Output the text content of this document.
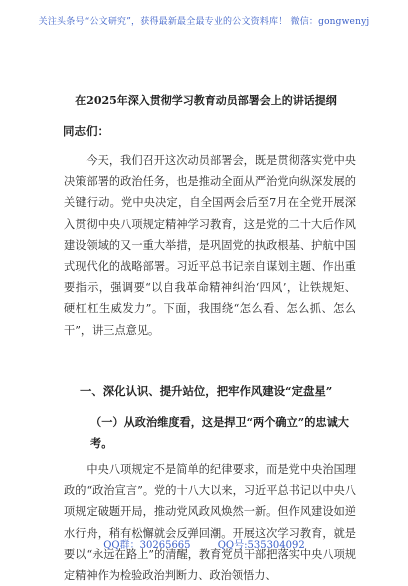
关注头条号“公文研究”，获得最新最全最专业的公文资料库！ 微信：gongwenyj
在2025年深入贯彻学习教育动员部署会上的讲话提纲
同志们：
今天，我们召开这次动员部署会，既是贯彻落实党中央决策部署的政治任务，也是推动全面从严治党向纵深发展的关键行动。党中央决定，自全国两会后至7月在全党开展深入贯彻中央八项规定精神学习教育，这是党的二十大后作风建设领域的又一重大举措，是巩固党的执政根基、护航中国式现代化的战略部署。习近平总书记亲自谋划主题、作出重要指示，强调要“以自我革命精神纠治‘四风’，让铁规矩、硬杠杠生威发力”。下面，我围绕“怎么看、怎么抓、怎么干”，讲三点意见。
一、深化认识、提升站位，把牢作风建设“定盘星”
（一）从政治维度看，这是捍卫“两个确立”的忠诚大考。
中央八项规定不是简单的纪律要求，而是党中央治国理政的“政治宣言”。党的十八大以来，习近平总书记以中央八项规定破题开局，推动党风政风焕然一新。但作风建设如逆水行舟，稍有松懈就会反弹回潮。开展这次学习教育，就是要以“永远在路上”的清醒，教育党员干部把落实中央八项规定精神作为检验政治判断力、政治领悟力、
QQ群：30265665	QQ号:535304092
